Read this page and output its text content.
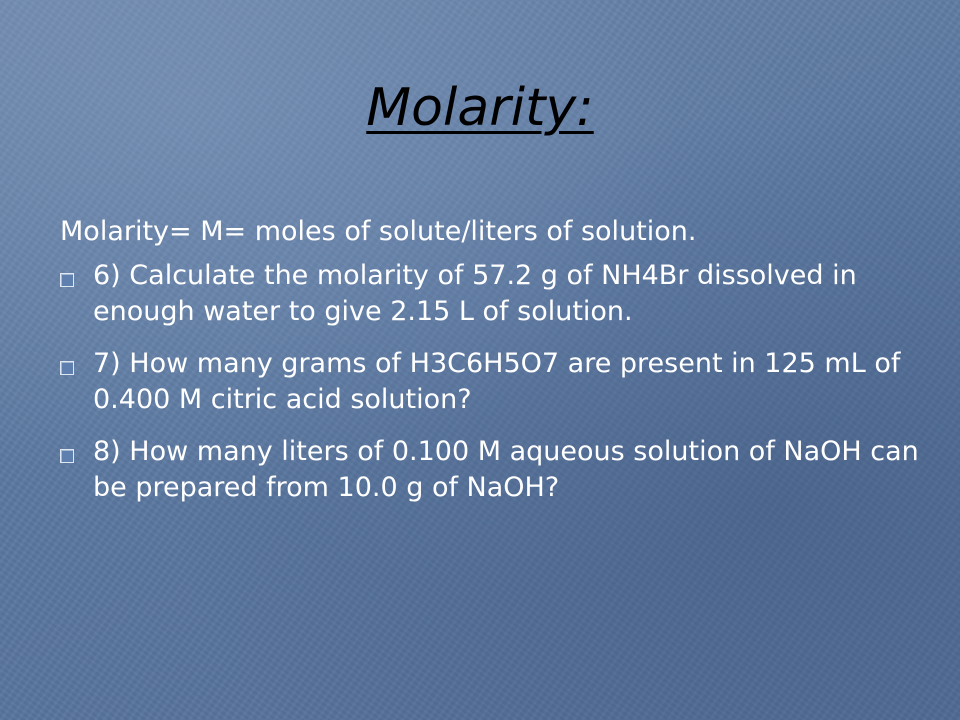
Molarity:

Molarity= M= moles of solute/liters of solution.

6) Calculate the molarity of 57.2 g of NH4Br dissolved in enough water to give 2.15 L of solution.
7) How many grams of H3C6H5O7 are present in 125 mL of 0.400 M citric acid solution?
8) How many liters of 0.100 M aqueous solution of NaOH can be prepared from 10.0 g of NaOH?
